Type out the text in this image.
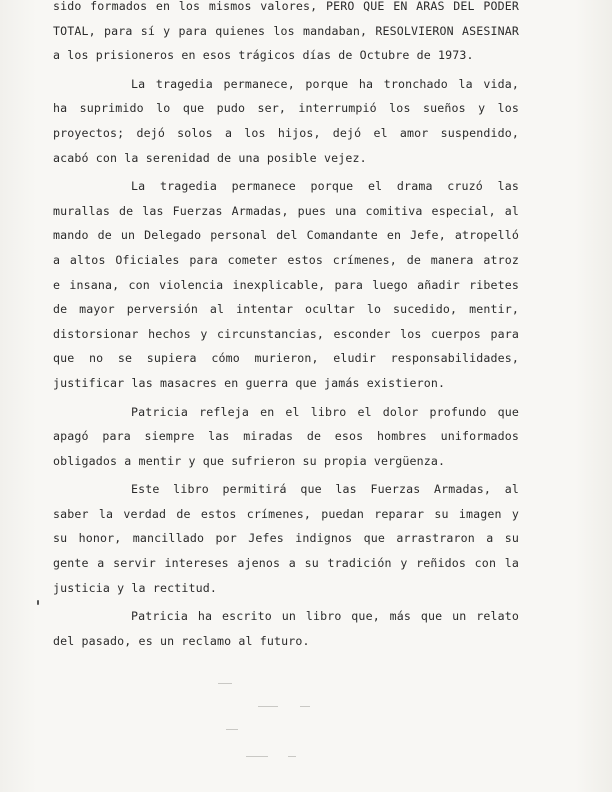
sido formados en los mismos valores, PERO QUE EN ARAS DEL PODER
TOTAL, para sí y para quienes los mandaban, RESOLVIERON ASESINAR
a los prisioneros en esos trágicos días de Octubre de 1973.
La tragedia permanece, porque ha tronchado la vida,
ha suprimido lo que pudo ser, interrumpió los sueños y los
proyectos; dejó solos a los hijos, dejó el amor suspendido,
acabó con la serenidad de una posible vejez.
La tragedia permanece porque el drama cruzó las
murallas de las Fuerzas Armadas, pues una comitiva especial, al
mando de un Delegado personal del Comandante en Jefe, atropelló
a altos Oficiales para cometer estos crímenes, de manera atroz
e insana, con violencia inexplicable, para luego añadir ribetes
de mayor perversión al intentar ocultar lo sucedido, mentir,
distorsionar hechos y circunstancias, esconder los cuerpos para
que no se supiera cómo murieron, eludir responsabilidades,
justificar las masacres en guerra que jamás existieron.
Patricia refleja en el libro el dolor profundo que
apagó para siempre las miradas de esos hombres uniformados
obligados a mentir y que sufrieron su propia vergüenza.
Este libro permitirá que las Fuerzas Armadas, al
saber la verdad de estos crímenes, puedan reparar su imagen y
su honor, mancillado por Jefes indignos que arrastraron a su
gente a servir intereses ajenos a su tradición y reñidos con la
justicia y la rectitud.
Patricia ha escrito un libro que, más que un relato
del pasado, es un reclamo al futuro.
